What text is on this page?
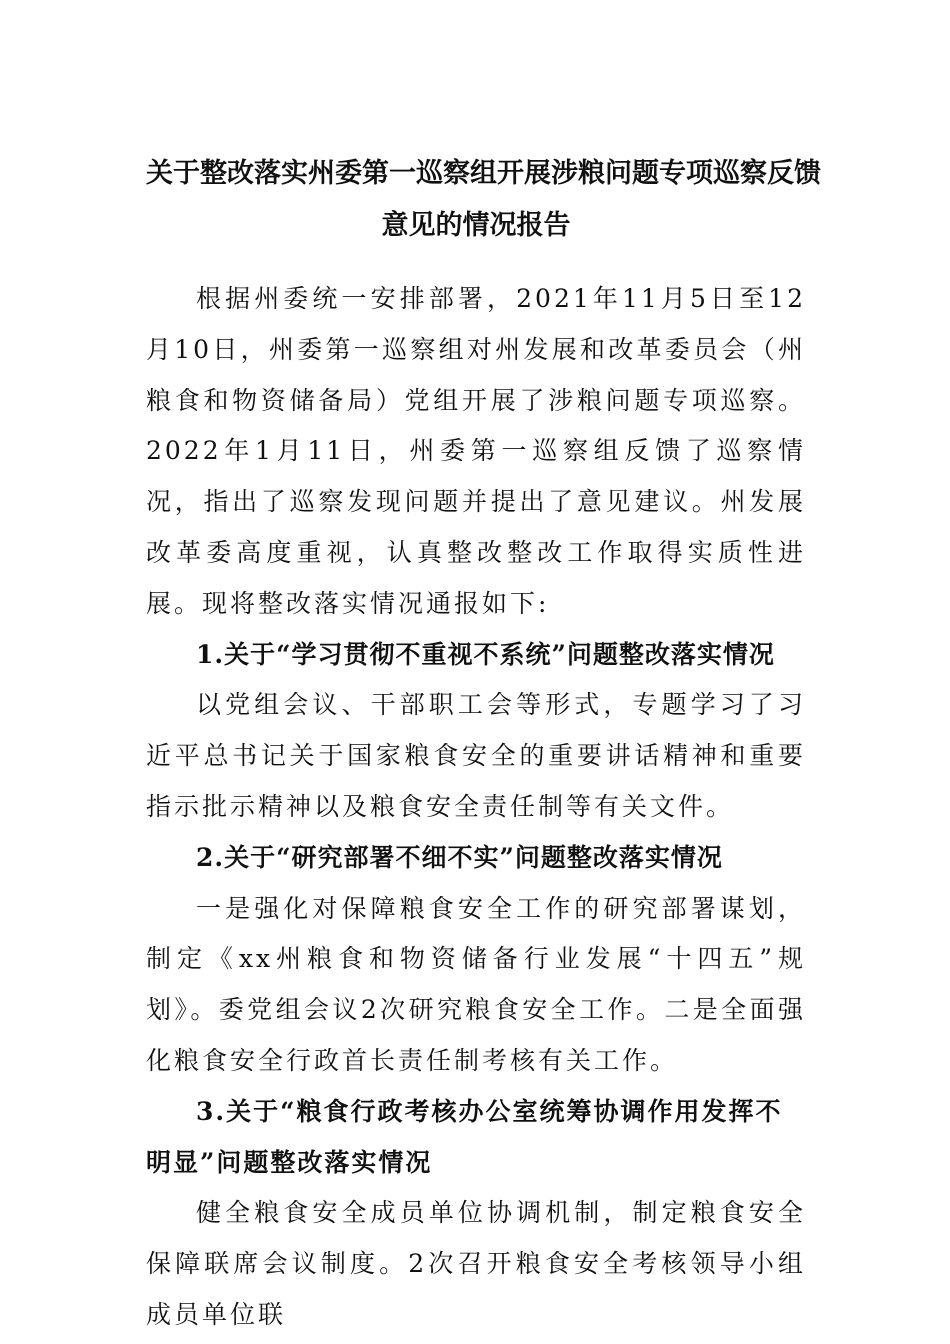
关于整改落实州委第一巡察组开展涉粮问题专项巡察反馈
意见的情况报告

根据州委统一安排部署，2021年11月5日至12月10日，州委第一巡察组对州发展和改革委员会（州粮食和物资储备局）党组开展了涉粮问题专项巡察。2022年1月11日，州委第一巡察组反馈了巡察情况，指出了巡察发现问题并提出了意见建议。州发展改革委高度重视，认真整改整改工作取得实质性进展。现将整改落实情况通报如下:

1.关于“学习贯彻不重视不系统”问题整改落实情况

以党组会议、干部职工会等形式，专题学习了习近平总书记关于国家粮食安全的重要讲话精神和重要指示批示精神以及粮食安全责任制等有关文件。

2.关于“研究部署不细不实”问题整改落实情况

一是强化对保障粮食安全工作的研究部署谋划，制定《xx州粮食和物资储备行业发展“十四五”规划》。委党组会议2次研究粮食安全工作。二是全面强化粮食安全行政首长责任制考核有关工作。

3.关于“粮食行政考核办公室统筹协调作用发挥不明显”问题整改落实情况

健全粮食安全成员单位协调机制，制定粮食安全保障联席会议制度。2次召开粮食安全考核领导小组成员单位联
